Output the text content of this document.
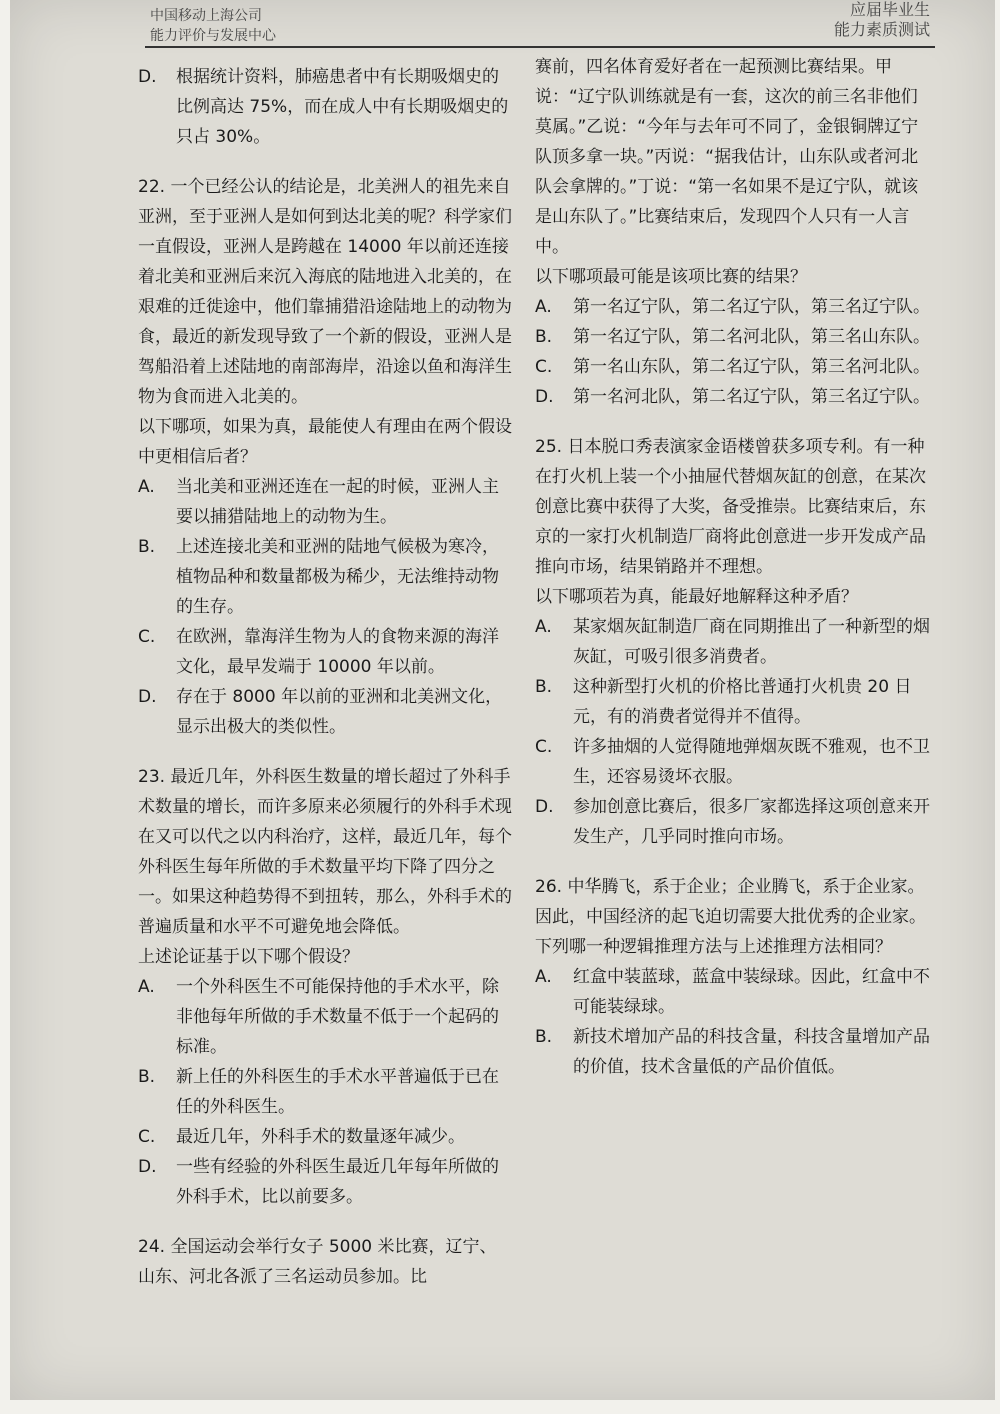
中国移动上海公司
能力评价与发展中心
应届毕业生
能力素质测试
D.	根据统计资料，肺癌患者中有长期吸烟史的比例高达 75%，而在成人中有长期吸烟史的只占 30%。

22. 一个已经公认的结论是，北美洲人的祖先来自亚洲，至于亚洲人是如何到达北美的呢？科学家们一直假设，亚洲人是跨越在 14000 年以前还连接着北美和亚洲后来沉入海底的陆地进入北美的，在艰难的迁徙途中，他们靠捕猎沿途陆地上的动物为食，最近的新发现导致了一个新的假设，亚洲人是驾船沿着上述陆地的南部海岸，沿途以鱼和海洋生物为食而进入北美的。

以下哪项，如果为真，最能使人有理由在两个假设中更相信后者？

A.	当北美和亚洲还连在一起的时候，亚洲人主要以捕猎陆地上的动物为生。
B.	上述连接北美和亚洲的陆地气候极为寒冷，植物品种和数量都极为稀少，无法维持动物的生存。
C.	在欧洲，靠海洋生物为人的食物来源的海洋文化，最早发端于 10000 年以前。
D.	存在于 8000 年以前的亚洲和北美洲文化，显示出极大的类似性。

23. 最近几年，外科医生数量的增长超过了外科手术数量的增长，而许多原来必须履行的外科手术现在又可以代之以内科治疗，这样，最近几年，每个外科医生每年所做的手术数量平均下降了四分之一。如果这种趋势得不到扭转，那么，外科手术的普遍质量和水平不可避免地会降低。

上述论证基于以下哪个假设？

A.	一个外科医生不可能保持他的手术水平，除非他每年所做的手术数量不低于一个起码的标准。
B.	新上任的外科医生的手术水平普遍低于已在任的外科医生。
C.	最近几年，外科手术的数量逐年减少。
D.	一些有经验的外科医生最近几年每年所做的外科手术，比以前要多。

24. 全国运动会举行女子 5000 米比赛，辽宁、山东、河北各派了三名运动员参加。比

赛前，四名体育爱好者在一起预测比赛结果。甲说：“辽宁队训练就是有一套，这次的前三名非他们莫属。”乙说：“今年与去年可不同了，金银铜牌辽宁队顶多拿一块。”丙说：“据我估计，山东队或者河北队会拿牌的。”丁说：“第一名如果不是辽宁队，就该是山东队了。”比赛结束后，发现四个人只有一人言中。

以下哪项最可能是该项比赛的结果？

A.	第一名辽宁队，第二名辽宁队，第三名辽宁队。
B.	第一名辽宁队，第二名河北队，第三名山东队。
C.	第一名山东队，第二名辽宁队，第三名河北队。
D.	第一名河北队，第二名辽宁队，第三名辽宁队。

25. 日本脱口秀表演家金语楼曾获多项专利。有一种在打火机上装一个小抽屉代替烟灰缸的创意，在某次创意比赛中获得了大奖，备受推崇。比赛结束后，东京的一家打火机制造厂商将此创意进一步开发成产品推向市场，结果销路并不理想。

以下哪项若为真，能最好地解释这种矛盾？

A.	某家烟灰缸制造厂商在同期推出了一种新型的烟灰缸，可吸引很多消费者。
B.	这种新型打火机的价格比普通打火机贵 20 日元，有的消费者觉得并不值得。
C.	许多抽烟的人觉得随地弹烟灰既不雅观，也不卫生，还容易烫坏衣服。
D.	参加创意比赛后，很多厂家都选择这项创意来开发生产，几乎同时推向市场。

26. 中华腾飞，系于企业；企业腾飞，系于企业家。因此，中国经济的起飞迫切需要大批优秀的企业家。

下列哪一种逻辑推理方法与上述推理方法相同？

A.	红盒中装蓝球，蓝盒中装绿球。因此，红盒中不可能装绿球。
B.	新技术增加产品的科技含量，科技含量增加产品的价值，技术含量低的产品价值低。
